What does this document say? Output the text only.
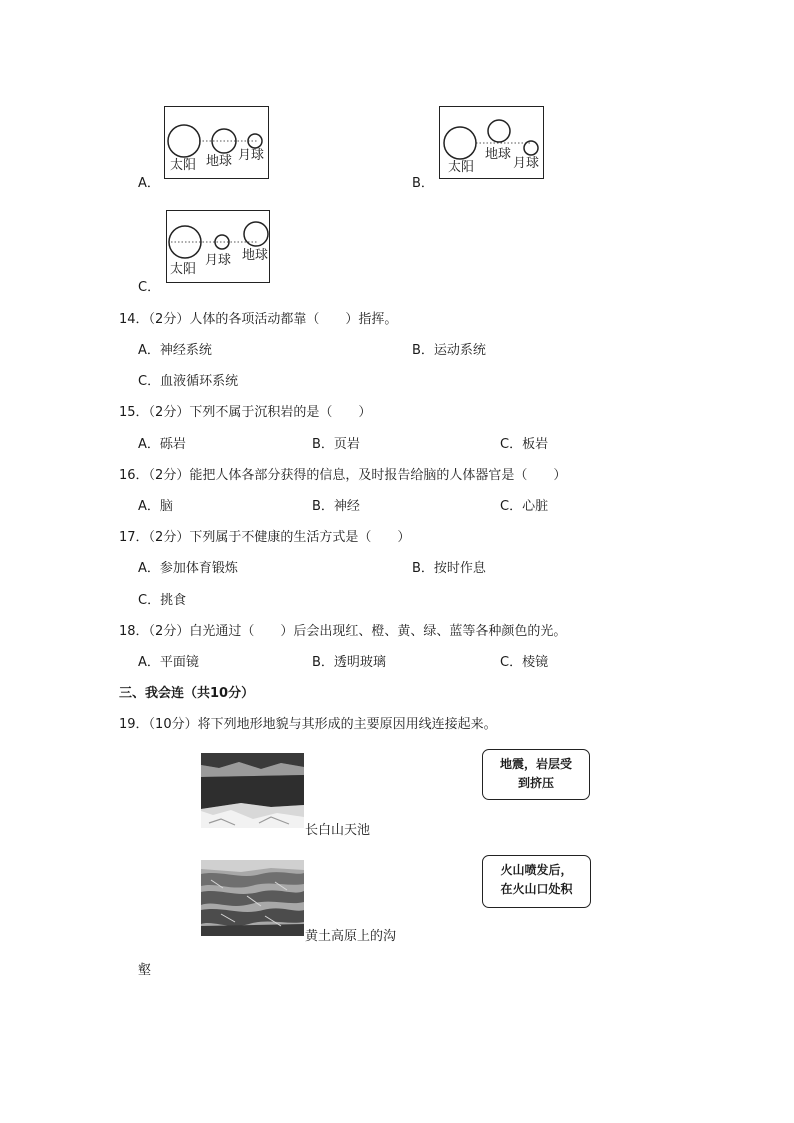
太阳 地球 月球
A．
太阳
地球
月球
B．
太阳
月球 地球
C．
14．（2分）人体的各项活动都靠（　　）指挥。
A．神经系统	B．运动系统
C．血液循环系统
15．（2分）下列不属于沉积岩的是（　　）
A．砾岩	B．页岩	C．板岩
16．（2分）能把人体各部分获得的信息，及时报告给脑的人体器官是（　　）
A．脑	B．神经	C．心脏
17．（2分）下列属于不健康的生活方式是（　　）
A．参加体育锻炼	B．按时作息
C．挑食
18．（2分）白光通过（　　）后会出现红、橙、黄、绿、蓝等各种颜色的光。
A．平面镜	B．透明玻璃	C．棱镜
三、我会连（共10分）
19．（10分）将下列地形地貌与其形成的主要原因用线连接起来。
长白山天池
黄土高原上的沟
壑
地震，岩层受
到挤压
火山喷发后，
在火山口处积
